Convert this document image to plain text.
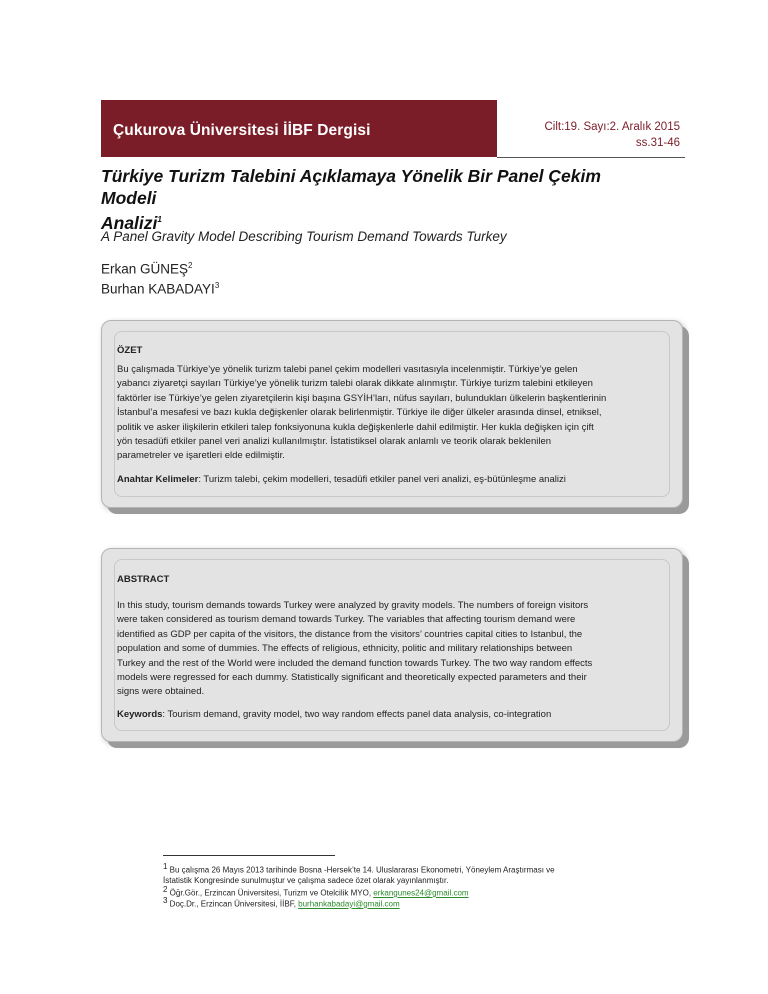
Çukurova Üniversitesi İİBF Dergisi	Cilt:19. Sayı:2. Aralık 2015
ss.31-46
Türkiye Turizm Talebini Açıklamaya Yönelik Bir Panel Çekim Modeli
Analizi$^1$
A Panel Gravity Model Describing Tourism Demand Towards Turkey
Erkan GÜNEŞ$^2$
Burhan KABADAYI$^3$
ÖZET
Bu çalışmada Türkiye’ye yönelik turizm talebi panel çekim modelleri vasıtasıyla incelenmiştir. Türkiye’ye gelen
yabancı ziyaretçi sayıları Türkiye’ye yönelik turizm talebi olarak dikkate alınmıştır. Türkiye turizm talebini etkileyen
faktörler ise Türkiye’ye gelen ziyaretçilerin kişi başına GSYİH’ları, nüfus sayıları, bulundukları ülkelerin başkentlerinin
İstanbul’a mesafesi ve bazı kukla değişkenler olarak belirlenmiştir. Türkiye ile diğer ülkeler arasında dinsel, etniksel,
politik ve asker ilişkilerin etkileri talep fonksiyonuna kukla değişkenlerle dahil edilmiştir. Her kukla değişken için çift
yön tesadüfi etkiler panel veri analizi kullanılmıştır. İstatistiksel olarak anlamlı ve teorik olarak beklenilen
parametreler ve işaretleri elde edilmiştir.
Anahtar Kelimeler: Turizm talebi, çekim modelleri, tesadüfi etkiler panel veri analizi, eş-bütünleşme analizi
ABSTRACT
In this study, tourism demands towards Turkey were analyzed by gravity models. The numbers of foreign visitors
were taken considered as tourism demand towards Turkey. The variables that affecting tourism demand were
identified as GDP per capita of the visitors, the distance from the visitors’ countries capital cities to Istanbul, the
population and some of dummies. The effects of religious, ethnicity, politic and military relationships between
Turkey and the rest of the World were included the demand function towards Turkey. The two way random effects
models were regressed for each dummy. Statistically significant and theoretically expected parameters and their
signs were obtained.
Keywords: Tourism demand, gravity model, two way random effects panel data analysis, co-integration
$^1$ Bu çalışma 26 Mayıs 2013 tarihinde Bosna -Hersek’te 14. Uluslararası Ekonometri, Yöneylem Araştırması ve
İstatistik Kongresinde sunulmuştur ve çalışma sadece özet olarak yayınlanmıştır.
$^2$ Öğr.Gör., Erzincan Üniversitesi, Turizm ve Otelcilik MYO, erkangunes24@gmail.com
$^3$ Doç.Dr., Erzincan Üniversitesi, İİBF, burhankabadayi@gmail.com
